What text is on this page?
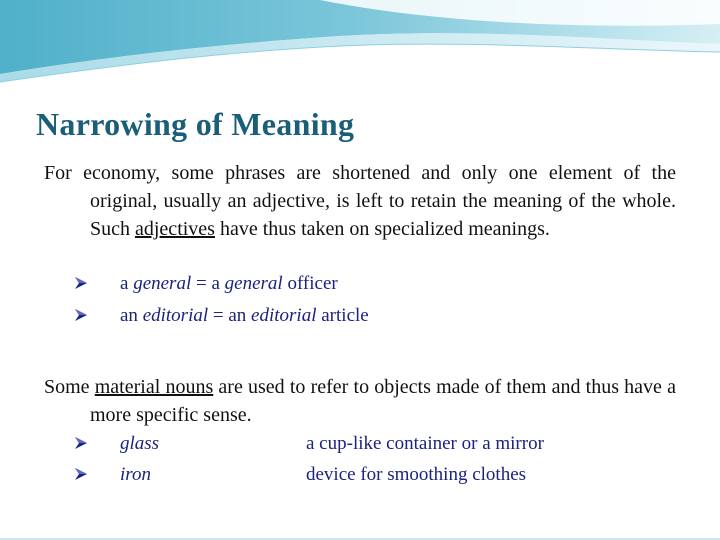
Narrowing of Meaning
For economy, some phrases are shortened and only one element of the original, usually an adjective, is left to retain the meaning of the whole. Such adjectives have thus taken on specialized meanings.
a general = a general officer
an editorial = an editorial article
Some material nouns are used to refer to objects made of them and thus have a more specific sense.
glass	a cup-like container or a mirror
iron	device for smoothing clothes
